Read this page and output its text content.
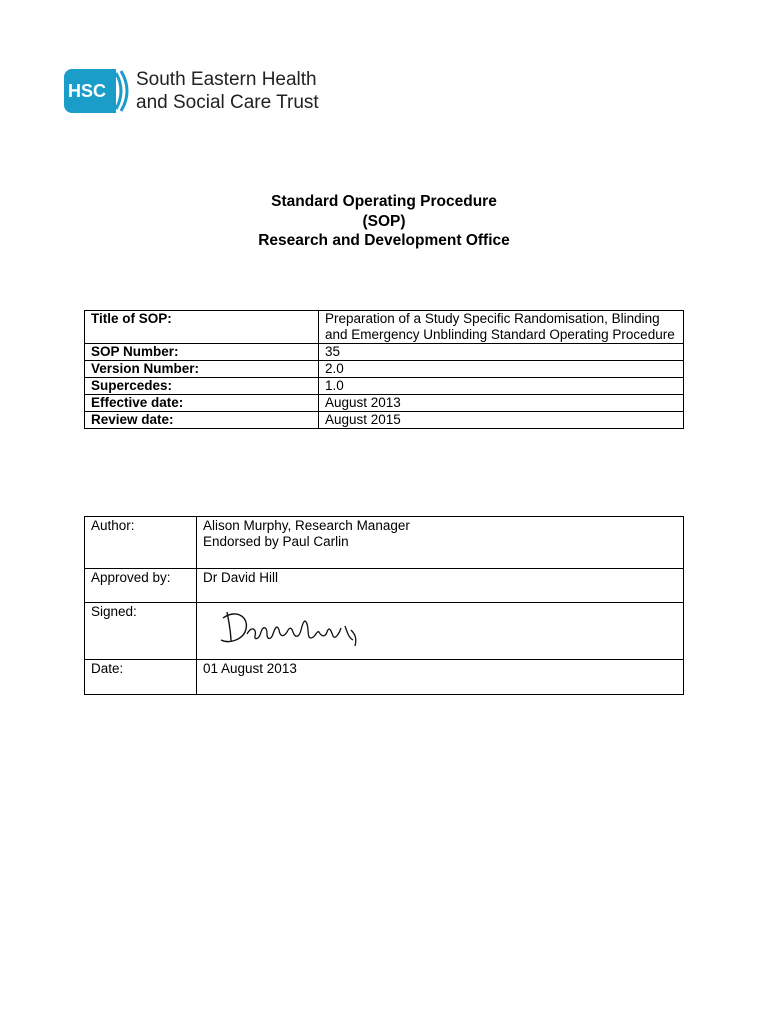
HSC
South Eastern Health
and Social Care Trust
Standard Operating Procedure
(SOP)
Research and Development Office
Title of SOP:	Preparation of a Study Specific Randomisation, Blinding and Emergency Unblinding Standard Operating Procedure
SOP Number:	35
Version Number:	2.0
Supercedes:	1.0
Effective date:	August 2013
Review date:	August 2015
Author:	Alison Murphy, Research Manager
Endorsed by Paul Carlin

Approved by:	Dr David Hill
Signed:	

Date:	01 August 2013
